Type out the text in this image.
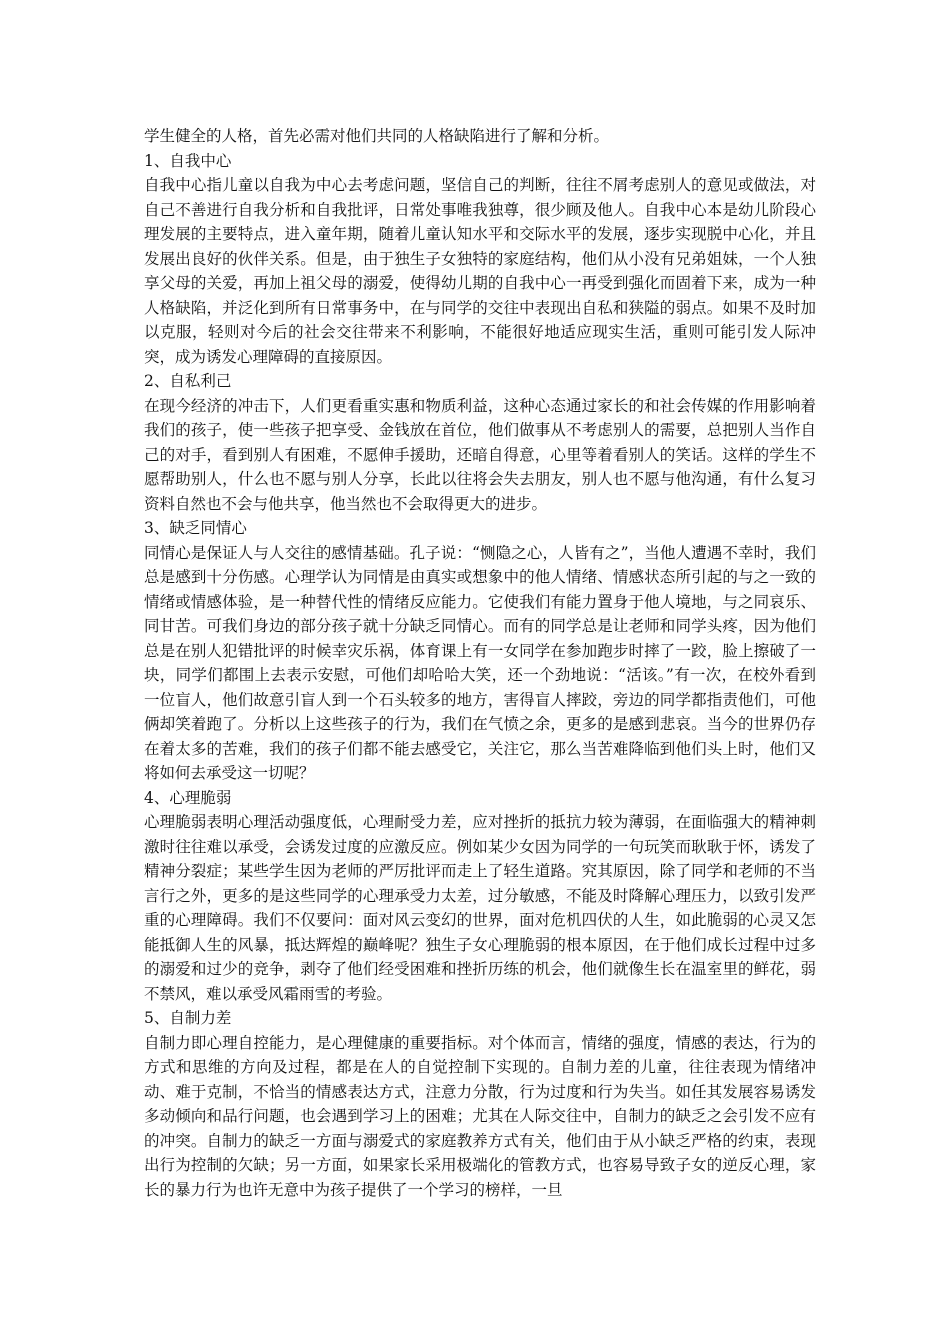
学生健全的人格，首先必需对他们共同的人格缺陷进行了解和分析。

1、自我中心

自我中心指儿童以自我为中心去考虑问题，坚信自己的判断，往往不屑考虑别人的意见或做法，对自己不善进行自我分析和自我批评，日常处事唯我独尊，很少顾及他人。自我中心本是幼儿阶段心理发展的主要特点，进入童年期，随着儿童认知水平和交际水平的发展，逐步实现脱中心化，并且发展出良好的伙伴关系。但是，由于独生子女独特的家庭结构，他们从小没有兄弟姐妹，一个人独享父母的关爱，再加上祖父母的溺爱，使得幼儿期的自我中心一再受到强化而固着下来，成为一种人格缺陷，并泛化到所有日常事务中，在与同学的交往中表现出自私和狭隘的弱点。如果不及时加以克服，轻则对今后的社会交往带来不利影响，不能很好地适应现实生活，重则可能引发人际冲突，成为诱发心理障碍的直接原因。

2、自私利己

在现今经济的冲击下，人们更看重实惠和物质利益，这种心态通过家长的和社会传媒的作用影响着我们的孩子，使一些孩子把享受、金钱放在首位，他们做事从不考虑别人的需要，总把别人当作自己的对手，看到别人有困难，不愿伸手援助，还暗自得意，心里等着看别人的笑话。这样的学生不愿帮助别人，什么也不愿与别人分享，长此以往将会失去朋友，别人也不愿与他沟通，有什么复习资料自然也不会与他共享，他当然也不会取得更大的进步。

3、缺乏同情心

同情心是保证人与人交往的感情基础。孔子说：“恻隐之心，人皆有之”，当他人遭遇不幸时，我们总是感到十分伤感。心理学认为同情是由真实或想象中的他人情绪、情感状态所引起的与之一致的情绪或情感体验，是一种替代性的情绪反应能力。它使我们有能力置身于他人境地，与之同哀乐、同甘苦。可我们身边的部分孩子就十分缺乏同情心。而有的同学总是让老师和同学头疼，因为他们总是在别人犯错批评的时候幸灾乐祸，体育课上有一女同学在参加跑步时摔了一跤，脸上擦破了一块，同学们都围上去表示安慰，可他们却哈哈大笑，还一个劲地说：“活该。”有一次，在校外看到一位盲人，他们故意引盲人到一个石头较多的地方，害得盲人摔跤，旁边的同学都指责他们，可他俩却笑着跑了。分析以上这些孩子的行为，我们在气愤之余，更多的是感到悲哀。当今的世界仍存在着太多的苦难，我们的孩子们都不能去感受它，关注它，那么当苦难降临到他们头上时，他们又将如何去承受这一切呢？

4、心理脆弱

心理脆弱表明心理活动强度低，心理耐受力差，应对挫折的抵抗力较为薄弱，在面临强大的精神刺激时往往难以承受，会诱发过度的应激反应。例如某少女因为同学的一句玩笑而耿耿于怀，诱发了精神分裂症；某些学生因为老师的严厉批评而走上了轻生道路。究其原因，除了同学和老师的不当言行之外，更多的是这些同学的心理承受力太差，过分敏感，不能及时降解心理压力，以致引发严重的心理障碍。我们不仅要问：面对风云变幻的世界，面对危机四伏的人生，如此脆弱的心灵又怎能抵御人生的风暴，抵达辉煌的巅峰呢？独生子女心理脆弱的根本原因，在于他们成长过程中过多的溺爱和过少的竞争，剥夺了他们经受困难和挫折历练的机会，他们就像生长在温室里的鲜花，弱不禁风，难以承受风霜雨雪的考验。

5、自制力差

自制力即心理自控能力，是心理健康的重要指标。对个体而言，情绪的强度，情感的表达，行为的方式和思维的方向及过程，都是在人的自觉控制下实现的。自制力差的儿童，往往表现为情绪冲动、难于克制，不恰当的情感表达方式，注意力分散，行为过度和行为失当。如任其发展容易诱发多动倾向和品行问题，也会遇到学习上的困难；尤其在人际交往中，自制力的缺乏之会引发不应有的冲突。自制力的缺乏一方面与溺爱式的家庭教养方式有关，他们由于从小缺乏严格的约束，表现出行为控制的欠缺；另一方面，如果家长采用极端化的管教方式，也容易导致子女的逆反心理，家长的暴力行为也许无意中为孩子提供了一个学习的榜样，一旦
